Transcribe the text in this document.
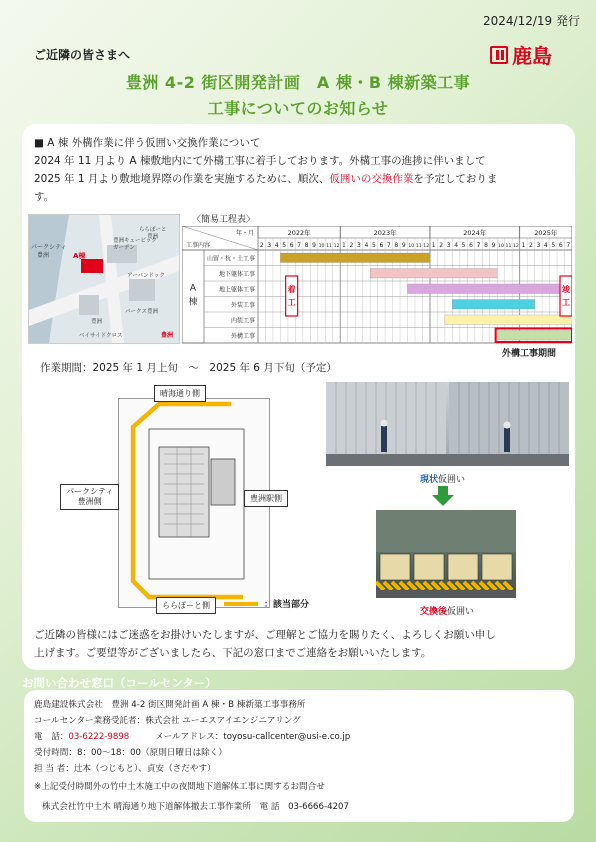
2024/12/19 発行
ご近隣の皆さまへ	鹿島
豊洲 4-2 街区開発計画　A 棟・B 棟新築工事
工事についてのお知らせ
■ A 棟 外構作業に伴う仮囲い交換作業について
2024 年 11 月より A 棟敷地内にて外構工事に着手しております。外構工事の進捗に伴いまして
2025 年 1 月より敷地境界際の作業を実施するために、順次、仮囲いの交換作業を予定しておりま
す。
パークシティ
豊洲	A棟
豊洲キュービック
ガーデン
ららぽーと
豊洲
アーバンドック
パークス豊洲
豊洲
ベイサイドクロス	豊洲
〈簡易工程表〉
年・月
工事内容
2022年	2023年	2024年	2025年
2 3 4 5 6 7 8 9 10 11 12 1 2 3 4 5 6 7 8 9 10 11 12 1 2 3 4 5 6 7 8 9 10 11 12 1 2 3 4 5 6 7
A
棟
山留・杭・土工事
地下躯体工事
地上躯体工事
外装工事
内装工事
外構工事
着
工
竣
工
外構工事期間
作業期間：2025 年 1 月上旬　～　2025 年 6 月下旬（予定）
晴海通り側
パークシティ
豊洲側	豊洲駅側
ららぽーと側	：該当部分
現状仮囲い
交換後仮囲い
ご近隣の皆様にはご迷惑をお掛けいたしますが、ご理解とご協力を賜りたく、よろしくお願い申し
上げます。ご要望等がございましたら、下記の窓口までご連絡をお願いいたします。
お問い合わせ窓口（コールセンター）
鹿島建設株式会社　豊洲 4-2 街区開発計画 A 棟・B 棟新築工事事務所
コールセンター業務受託者：株式会社 ユーエスアイエンジニアリング
電　話：03-6222-9898　　　メールアドレス：toyosu-callcenter@usi-e.co.jp
受付時間：8：00～18：00（原則日曜日は除く）
担 当 者：辻本（つじもと）、貞安（さだやす）
※上記受付時間外の竹中土木施工中の夜間地下道解体工事に関するお問合せ
株式会社竹中土木 晴海通り地下道解体撤去工事作業所　電 話　03-6666-4207
